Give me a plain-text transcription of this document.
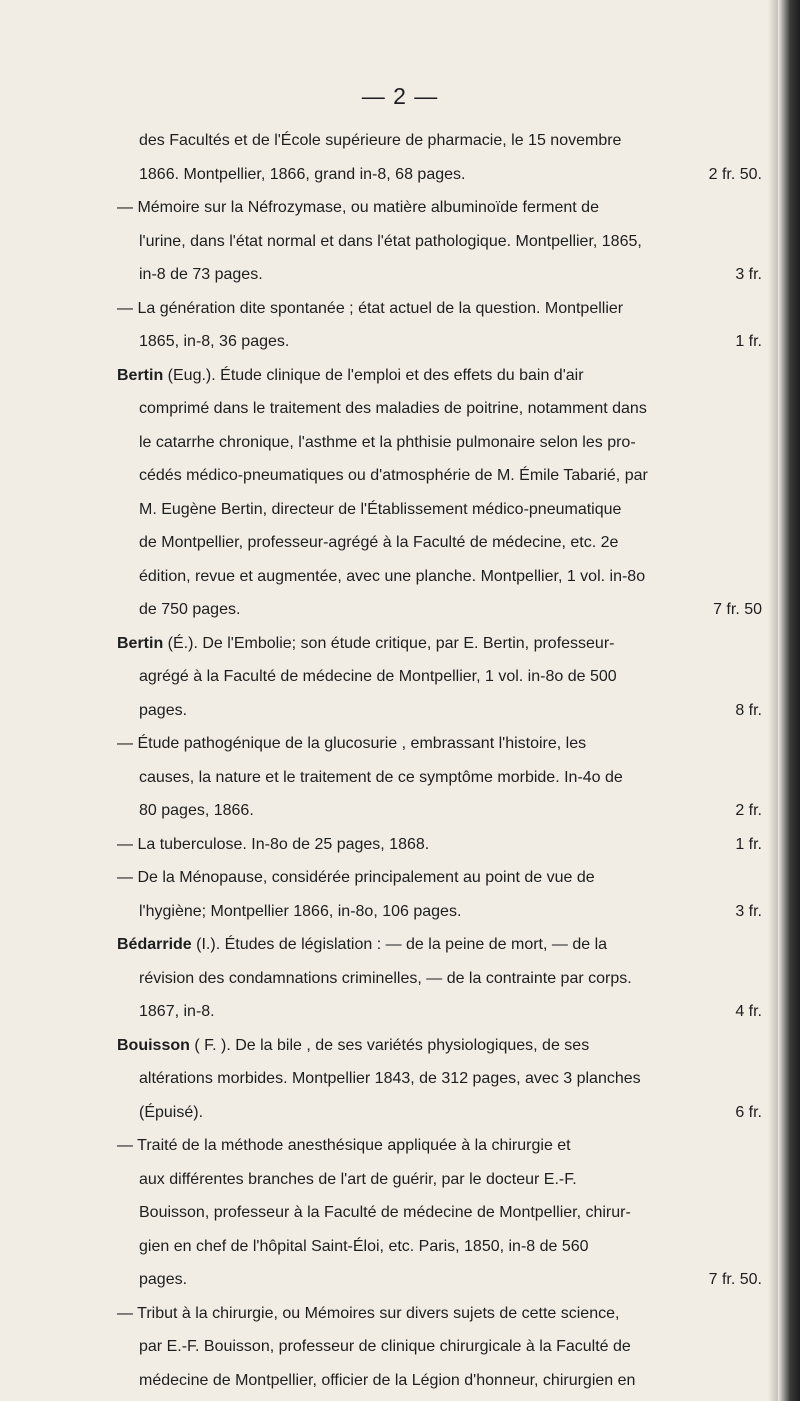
— 2 —
des Facultés et de l'École supérieure de pharmacie, le 15 novembre
1866. Montpellier, 1866, grand in-8, 68 pages.	2 fr. 50.
— Mémoire sur la Néfrozymase, ou matière albuminoïde ferment de
l'urine, dans l'état normal et dans l'état pathologique. Montpellier, 1865,
in-8 de 73 pages.	3 fr.
— La génération dite spontanée ; état actuel de la question. Montpellier
1865, in-8, 36 pages.	1 fr.
Bertin (Eug.). Étude clinique de l'emploi et des effets du bain d'air
comprimé dans le traitement des maladies de poitrine, notamment dans
le catarrhe chronique, l'asthme et la phthisie pulmonaire selon les pro-
cédés médico-pneumatiques ou d'atmosphérie de M. Émile Tabarié, par
M. Eugène Bertin, directeur de l'Établissement médico-pneumatique
de Montpellier, professeur-agrégé à la Faculté de médecine, etc. 2e
édition, revue et augmentée, avec une planche. Montpellier, 1 vol. in-8o
de 750 pages.	7 fr. 50
Bertin (É.). De l'Embolie; son étude critique, par E. Bertin, professeur-
agrégé à la Faculté de médecine de Montpellier, 1 vol. in-8o de 500
pages.	8 fr.
— Étude pathogénique de la glucosurie , embrassant l'histoire, les
causes, la nature et le traitement de ce symptôme morbide. In-4o de
80 pages, 1866.	2 fr.
— La tuberculose. In-8o de 25 pages, 1868.	1 fr.
— De la Ménopause, considérée principalement au point de vue de
l'hygiène; Montpellier 1866, in-8o, 106 pages.	3 fr.
Bédarride (I.). Études de législation : — de la peine de mort, — de la
révision des condamnations criminelles, — de la contrainte par corps.
1867, in-8.	4 fr.
Bouisson ( F. ). De la bile , de ses variétés physiologiques, de ses
altérations morbides. Montpellier 1843, de 312 pages, avec 3 planches
(Épuisé).	6 fr.
— Traité de la méthode anesthésique appliquée à la chirurgie et
aux différentes branches de l'art de guérir, par le docteur E.-F.
Bouisson, professeur à la Faculté de médecine de Montpellier, chirur-
gien en chef de l'hôpital Saint-Éloi, etc. Paris, 1850, in-8 de 560
pages.	7 fr. 50.
— Tribut à la chirurgie, ou Mémoires sur divers sujets de cette science,
par E.-F. Bouisson, professeur de clinique chirurgicale à la Faculté de
médecine de Montpellier, officier de la Légion d'honneur, chirurgien en
